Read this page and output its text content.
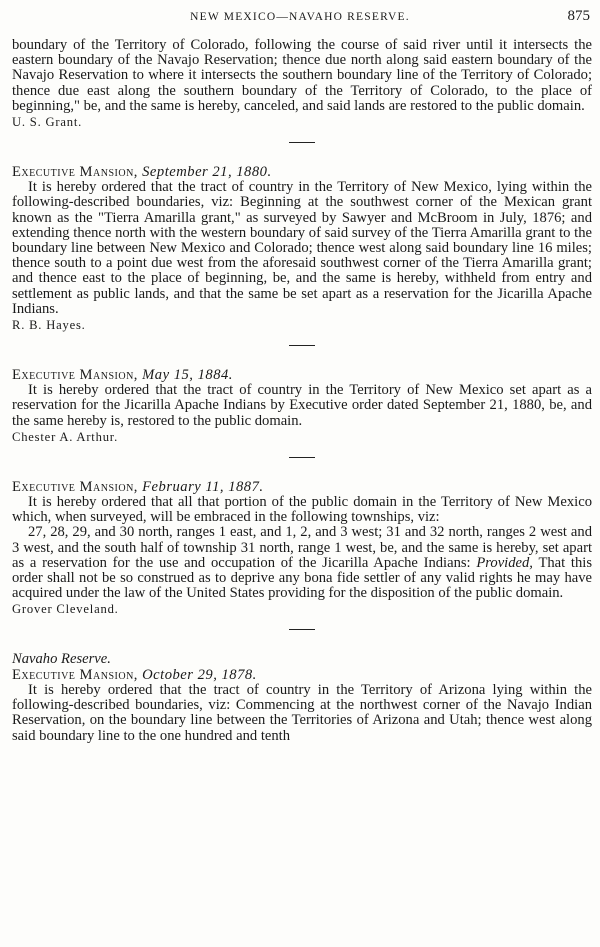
NEW MEXICO—NAVAHO RESERVE.	875

boundary of the Territory of Colorado, following the course of said river until it intersects the eastern boundary of the Navajo Reservation; thence due north along said eastern boundary of the Navajo Reservation to where it intersects the southern boundary line of the Territory of Colorado; thence due east along the southern boundary of the Territory of Colorado, to the place of beginning," be, and the same is hereby, canceled, and said lands are restored to the public domain.

U. S. Grant.

Executive Mansion, September 21, 1880.

It is hereby ordered that the tract of country in the Territory of New Mexico, lying within the following-described boundaries, viz: Beginning at the southwest corner of the Mexican grant known as the "Tierra Amarilla grant," as surveyed by Sawyer and McBroom in July, 1876; and extending thence north with the western boundary of said survey of the Tierra Amarilla grant to the boundary line between New Mexico and Colorado; thence west along said boundary line 16 miles; thence south to a point due west from the aforesaid southwest corner of the Tierra Amarilla grant; and thence east to the place of beginning, be, and the same is hereby, withheld from entry and settlement as public lands, and that the same be set apart as a reservation for the Jicarilla Apache Indians.

R. B. Hayes.

Executive Mansion, May 15, 1884.

It is hereby ordered that the tract of country in the Territory of New Mexico set apart as a reservation for the Jicarilla Apache Indians by Executive order dated September 21, 1880, be, and the same hereby is, restored to the public domain.

Chester A. Arthur.

Executive Mansion, February 11, 1887.

It is hereby ordered that all that portion of the public domain in the Territory of New Mexico which, when surveyed, will be embraced in the following townships, viz:

27, 28, 29, and 30 north, ranges 1 east, and 1, 2, and 3 west; 31 and 32 north, ranges 2 west and 3 west, and the south half of township 31 north, range 1 west, be, and the same is hereby, set apart as a reservation for the use and occupation of the Jicarilla Apache Indians: Provided, That this order shall not be so construed as to deprive any bona fide settler of any valid rights he may have acquired under the law of the United States providing for the disposition of the public domain.

Grover Cleveland.

Navaho Reserve.

Executive Mansion, October 29, 1878.

It is hereby ordered that the tract of country in the Territory of Arizona lying within the following-described boundaries, viz: Commencing at the northwest corner of the Navajo Indian Reservation, on the boundary line between the Territories of Arizona and Utah; thence west along said boundary line to the one hundred and tenth
